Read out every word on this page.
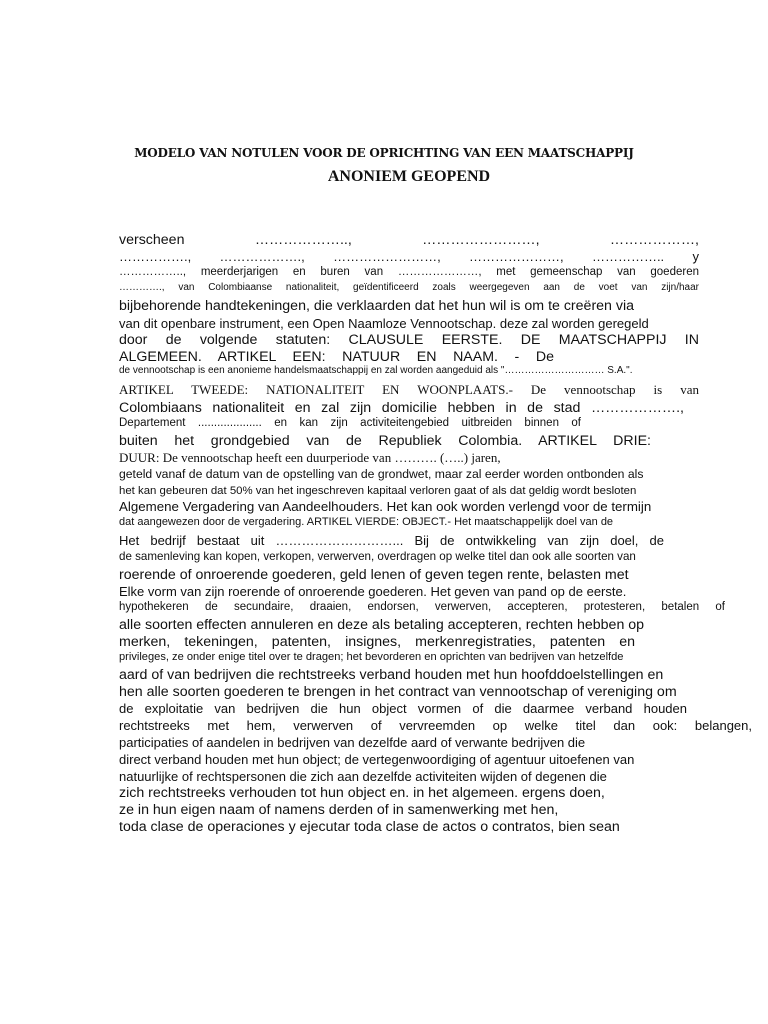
MODELO VAN NOTULEN VOOR DE OPRICHTING VAN EEN MAATSCHAPPIJ
ANONIEM GEOPEND
verscheen ……………….., ……………………, ………………,
……………., ………………., ……………………, …………………, …………….. y
…………….., meerderjarigen en buren van …………………, met gemeenschap van goederen
…………., van Colombiaanse nationaliteit, geïdentificeerd zoals weergegeven aan de voet van zijn/haar
bijbehorende handtekeningen, die verklaarden dat het hun wil is om te creëren via
van dit openbare instrument, een Open Naamloze Vennootschap. deze zal worden geregeld
door de volgende statuten: CLAUSULE EERSTE. DE MAATSCHAPPIJ IN
ALGEMEEN. ARTIKEL EEN: NATUUR EN NAAM. - De
de vennootschap is een anonieme handelsmaatschappij en zal worden aangeduid als "………………………… S.A.".
ARTIKEL TWEEDE: NATIONALITEIT EN WOONPLAATS.- De vennootschap is van
Colombiaans nationaliteit en zal zijn domicilie hebben in de stad ……………….,
Departement .................... en kan zijn activiteitengebied uitbreiden binnen of
buiten het grondgebied van de Republiek Colombia. ARTIKEL DRIE:
DUUR: De vennootschap heeft een duurperiode van ………. (…..) jaren,
geteld vanaf de datum van de opstelling van de grondwet, maar zal eerder worden ontbonden als
het kan gebeuren dat 50% van het ingeschreven kapitaal verloren gaat of als dat geldig wordt besloten
Algemene Vergadering van Aandeelhouders. Het kan ook worden verlengd voor de termijn
dat aangewezen door de vergadering. ARTIKEL VIERDE: OBJECT.- Het maatschappelijk doel van de
Het bedrijf bestaat uit ………………………... Bij de ontwikkeling van zijn doel, de
de samenleving kan kopen, verkopen, verwerven, overdragen op welke titel dan ook alle soorten van
roerende of onroerende goederen, geld lenen of geven tegen rente, belasten met
Elke vorm van zijn roerende of onroerende goederen. Het geven van pand op de eerste.
hypothekeren de secundaire, draaien, endorsen, verwerven, accepteren, protesteren, betalen of
alle soorten effecten annuleren en deze als betaling accepteren, rechten hebben op
merken, tekeningen, patenten, insignes, merkenregistraties, patenten en
privileges, ze onder enige titel over te dragen; het bevorderen en oprichten van bedrijven van hetzelfde
aard of van bedrijven die rechtstreeks verband houden met hun hoofddoelstellingen en
hen alle soorten goederen te brengen in het contract van vennootschap of vereniging om
de exploitatie van bedrijven die hun object vormen of die daarmee verband houden
rechtstreeks met hem, verwerven of vervreemden op welke titel dan ook: belangen,
participaties of aandelen in bedrijven van dezelfde aard of verwante bedrijven die
direct verband houden met hun object; de vertegenwoordiging of agentuur uitoefenen van
natuurlijke of rechtspersonen die zich aan dezelfde activiteiten wijden of degenen die
zich rechtstreeks verhouden tot hun object en. in het algemeen. ergens doen,
ze in hun eigen naam of namens derden of in samenwerking met hen,
toda clase de operaciones y ejecutar toda clase de actos o contratos, bien sean
